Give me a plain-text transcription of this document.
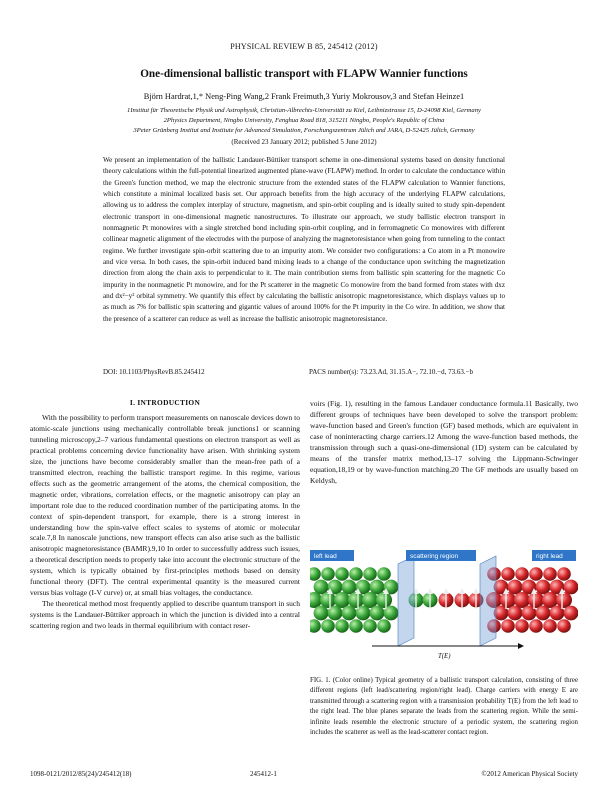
PHYSICAL REVIEW B 85, 245412 (2012)
One-dimensional ballistic transport with FLAPW Wannier functions
Björn Hardrat,1,* Neng-Ping Wang,2 Frank Freimuth,3 Yuriy Mokrousov,3 and Stefan Heinze1
1Institut für Theoretische Physik und Astrophysik, Christian-Albrechts-Universität zu Kiel, Leibnizstrasse 15, D-24098 Kiel, Germany
2Physics Department, Ningbo University, Fenghua Road 818, 315211 Ningbo, People's Republic of China
3Peter Grünberg Institut and Institute for Advanced Simulation, Forschungszentrum Jülich and JARA, D-52425 Jülich, Germany
(Received 23 January 2012; published 5 June 2012)

We present an implementation of the ballistic Landauer-Büttiker transport scheme in one-dimensional systems based on density functional theory calculations within the full-potential linearized augmented plane-wave (FLAPW) method. In order to calculate the conductance within the Green's function method, we map the electronic structure from the extended states of the FLAPW calculation to Wannier functions, which constitute a minimal localized basis set. Our approach benefits from the high accuracy of the underlying FLAPW calculations, allowing us to address the complex interplay of structure, magnetism, and spin-orbit coupling and is ideally suited to study spin-dependent electronic transport in one-dimensional magnetic nanostructures. To illustrate our approach, we study ballistic electron transport in nonmagnetic Pt monowires with a single stretched bond including spin-orbit coupling, and in ferromagnetic Co monowires with different collinear magnetic alignment of the electrodes with the purpose of analyzing the magnetoresistance when going from tunneling to the contact regime. We further investigate spin-orbit scattering due to an impurity atom. We consider two configurations: a Co atom in a Pt monowire and vice versa. In both cases, the spin-orbit induced band mixing leads to a change of the conductance upon switching the magnetization direction from along the chain axis to perpendicular to it. The main contribution stems from ballistic spin scattering for the magnetic Co impurity in the nonmagnetic Pt monowire, and for the Pt scatterer in the magnetic Co monowire from the band formed from states with dxz and dx²−y² orbital symmetry. We quantify this effect by calculating the ballistic anisotropic magnetoresistance, which displays values up to as much as 7% for ballistic spin scattering and gigantic values of around 100% for the Pt impurity in the Co wire. In addition, we show that the presence of a scatterer can reduce as well as increase the ballistic anisotropic magnetoresistance.

DOI: 10.1103/PhysRevB.85.245412	PACS number(s): 73.23.Ad, 31.15.A−, 72.10.−d, 73.63.−b
I. INTRODUCTION

With the possibility to perform transport measurements on nanoscale devices down to atomic-scale junctions using mechanically controllable break junctions1 or scanning tunneling microscopy,2–7 various fundamental questions on electron transport as well as practical problems concerning device functionality have arisen. With shrinking system size, the junctions have become considerably smaller than the mean-free path of a transmitted electron, reaching the ballistic transport regime. In this regime, various effects such as the geometric arrangement of the atoms, the chemical composition, the magnetic order, vibrations, correlation effects, or the magnetic anisotropy can play an important role due to the reduced coordination number of the participating atoms. In the context of spin-dependent transport, for example, there is a strong interest in understanding how the spin-valve effect scales to systems of atomic or molecular scale.7,8 In nanoscale junctions, new transport effects can also arise such as the ballistic anisotropic magnetoresistance (BAMR).9,10 In order to successfully address such issues, a theoretical description needs to properly take into account the electronic structure of the system, which is typically obtained by first-principles methods based on density functional theory (DFT). The central experimental quantity is the measured current versus bias voltage (I-V curve) or, at small bias voltages, the conductance.

The theoretical method most frequently applied to describe quantum transport in such systems is the Landauer-Büttiker approach in which the junction is divided into a central scattering region and two leads in thermal equilibrium with contact reser-

voirs (Fig. 1), resulting in the famous Landauer conductance formula.11 Basically, two different groups of techniques have been developed to solve the transport problem: wave-function based and Green's function (GF) based methods, which are equivalent in case of noninteracting charge carriers.12 Among the wave-function based methods, the transmission through such a quasi-one-dimensional (1D) system can be calculated by means of the transfer matrix method,13–17 solving the Lippmann-Schwinger equation,18,19 or by wave-function matching.20 The GF methods are usually based on Keldysh,

left lead	scattering region	right lead
T(E)
FIG. 1. (Color online) Typical geometry of a ballistic transport calculation, consisting of three different regions (left lead/scattering region/right lead). Charge carriers with energy E are transmitted through a scattering region with a transmission probability T(E) from the left lead to the right lead. The blue planes separate the leads from the scattering region. While the semi-infinite leads resemble the electronic structure of a periodic system, the scattering region includes the scatterer as well as the lead-scatterer contact region.
1098-0121/2012/85(24)/245412(18)	245412-1	©2012 American Physical Society
